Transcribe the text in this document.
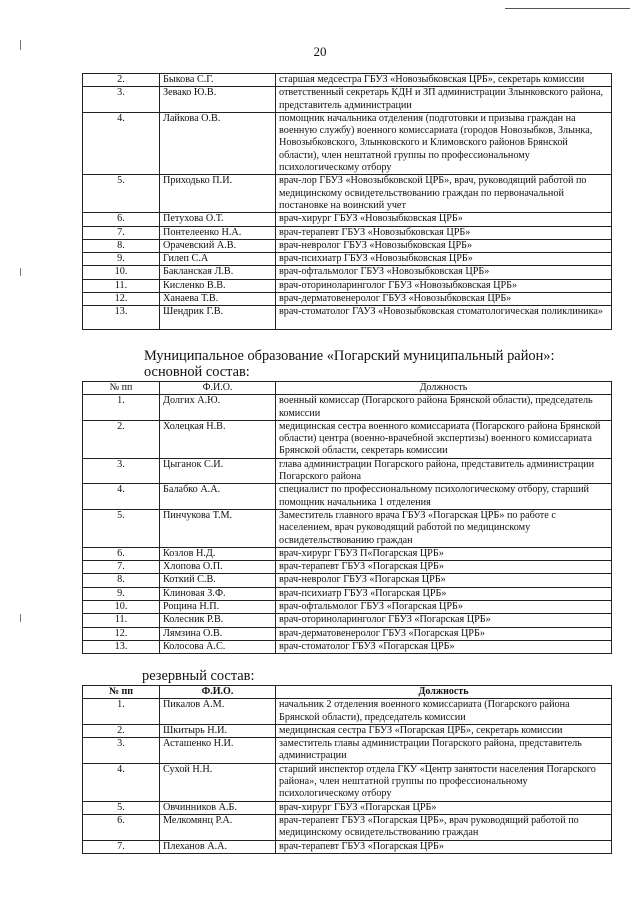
20
2.	Быкова С.Г.	старшая медсестра ГБУЗ «Новозыбковская ЦРБ», секретарь комиссии
3.	Зевако Ю.В.	ответственный секретарь КДН и ЗП администрации Злынковского района, представитель администрации
4.	Лайкова О.В.	помощник начальника отделения (подготовки и призыва граждан на военную службу) военного комиссариата (городов Новозыбков, Злынка, Новозыбковского, Злынковского и Климовского районов Брянской области), член нештатной группы по профессиональному психологическому отбору
5.	Приходько П.И.	врач-лор ГБУЗ «Новозыбковской ЦРБ», врач, руководящий работой по медицинскому освидетельствованию граждан по первоначальной постановке на воинский учет
6.	Петухова О.Т.	врач-хирург ГБУЗ «Новозыбковская ЦРБ»
7.	Понтелеенко Н.А.	врач-терапевт ГБУЗ «Новозыбковская ЦРБ»
8.	Орачевский А.В.	врач-невролог ГБУЗ «Новозыбковская ЦРБ»
9.	Гилеп С.А	врач-психиатр ГБУЗ «Новозыбковская ЦРБ»
10.	Бакланская Л.В.	врач-офтальмолог ГБУЗ «Новозыбковская ЦРБ»
11.	Кисленко В.В.	врач-оториноларинголог ГБУЗ «Новозыбковская ЦРБ»
12.	Ханаева Т.В.	врач-дерматовенеролог ГБУЗ «Новозыбковская ЦРБ»
13.	Шендрик Г.В.	врач-стоматолог ГАУЗ «Новозыбковская стоматологическая поликлиника»
Муниципальное образование «Погарский муниципальный район»:
основной состав:
№ пп	Ф.И.О.	Должность
1.	Долгих А.Ю.	военный комиссар (Погарского района Брянской области), председатель комиссии
2.	Холецкая Н.В.	медицинская сестра военного комиссариата (Погарского района Брянской области) центра (военно-врачебной экспертизы) военного комиссариата Брянской области, секретарь комиссии
3.	Цыганок С.И.	глава администрации Погарского района, представитель администрации Погарского района
4.	Балабко А.А.	специалист по профессиональному психологическому отбору, старший помощник начальника 1 отделения
5.	Пинчукова Т.М.	Заместитель главного врача ГБУЗ «Погарская ЦРБ» по работе с населением, врач руководящий работой по медицинскому освидетельствованию граждан
6.	Козлов Н.Д.	врач-хирург ГБУЗ П«Погарская ЦРБ»
7.	Хлопова О.П.	врач-терапевт ГБУЗ «Погарская ЦРБ»
8.	Коткий С.В.	врач-невролог ГБУЗ «Погарская ЦРБ»
9.	Клиновая З.Ф.	врач-психиатр ГБУЗ «Погарская ЦРБ»
10.	Рощина Н.П.	врач-офтальмолог ГБУЗ «Погарская ЦРБ»
11.	Колесник Р.В.	врач-оториноларинголог ГБУЗ «Погарская ЦРБ»
12.	Лямзина О.В.	врач-дерматовенеролог ГБУЗ «Погарская ЦРБ»
13.	Колосова А.С.	врач-стоматолог ГБУЗ «Погарская ЦРБ»
резервный состав:
№ пп	Ф.И.О.	Должность
1.	Пикалов А.М.	начальник 2 отделения военного комиссариата (Погарского района Брянской области), председатель комиссии
2.	Шкитырь Н.И.	медицинская сестра ГБУЗ «Погарская ЦРБ», секретарь комиссии
3.	Асташенко Н.И.	заместитель главы администрации Погарского района, представитель администрации
4.	Сухой Н.Н.	старший инспектор отдела ГКУ «Центр занятости населения Погарского района», член нештатной группы по профессиональному психологическому отбору
5.	Овчинников А.Б.	врач-хирург ГБУЗ «Погарская ЦРБ»
6.	Мелкомянц Р.А.	врач-терапевт ГБУЗ «Погарская ЦРБ», врач руководящий работой по медицинскому освидетельствованию граждан
7.	Плеханов А.А.	врач-терапевт ГБУЗ «Погарская ЦРБ»
